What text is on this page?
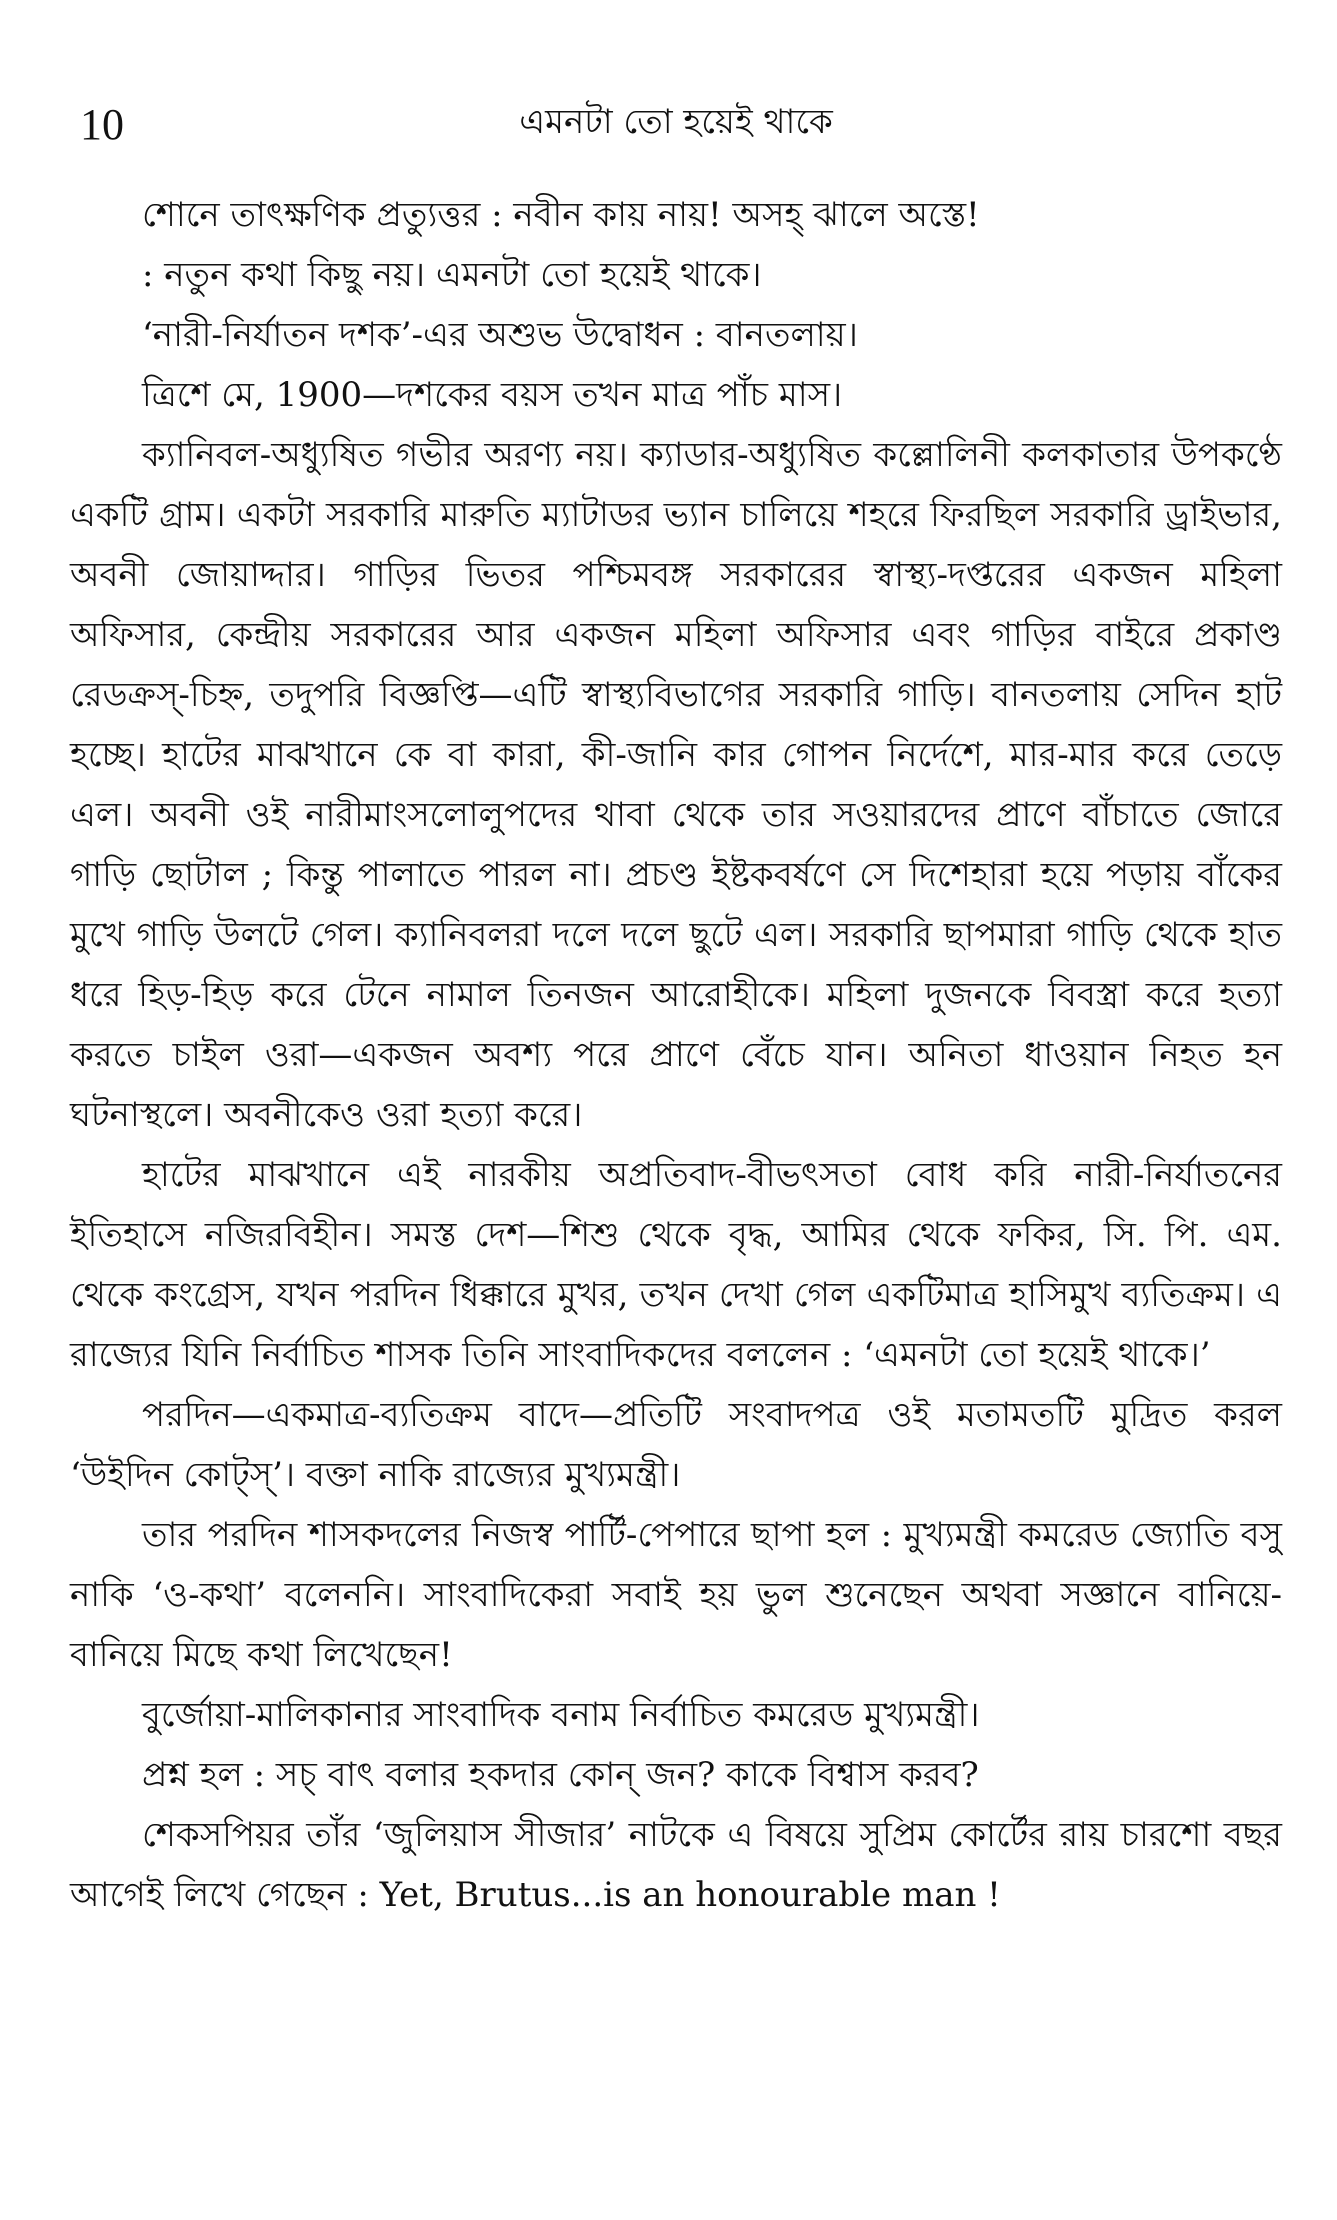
10	এমনটা তো হয়েই থাকে

শোনে তাৎক্ষণিক প্রত্যুত্তর : নবীন কায় নায়! অসহ্ ঝালে অস্তে!

: নতুন কথা কিছু নয়। এমনটা তো হয়েই থাকে।

‘নারী-নির্যাতন দশক’-এর অশুভ উদ্বোধন : বানতলায়।

ত্রিশে মে, 1900—দশকের বয়স তখন মাত্র পাঁচ মাস।

ক্যানিবল-অধ্যুষিত গভীর অরণ্য নয়। ক্যাডার-অধ্যুষিত কল্লোলিনী কলকাতার উপকণ্ঠে একটি গ্রাম। একটা সরকারি মারুতি ম্যাটাডর ভ্যান চালিয়ে শহরে ফিরছিল সরকারি ড্রাইভার, অবনী জোয়াদ্দার। গাড়ির ভিতর পশ্চিমবঙ্গ সরকারের স্বাস্থ্য-দপ্তরের একজন মহিলা অফিসার, কেন্দ্রীয় সরকারের আর একজন মহিলা অফিসার এবং গাড়ির বাইরে প্রকাণ্ড রেডক্রস্-চিহ্ন, তদুপরি বিজ্ঞপ্তি—এটি স্বাস্থ্যবিভাগের সরকারি গাড়ি। বানতলায় সেদিন হাট হচ্ছে। হাটের মাঝখানে কে বা কারা, কী-জানি কার গোপন নির্দেশে, মার-মার করে তেড়ে এল। অবনী ওই নারীমাংসলোলুপদের থাবা থেকে তার সওয়ারদের প্রাণে বাঁচাতে জোরে গাড়ি ছোটাল ; কিন্তু পালাতে পারল না। প্রচণ্ড ইষ্টকবর্ষণে সে দিশেহারা হয়ে পড়ায় বাঁকের মুখে গাড়ি উলটে গেল। ক্যানিবলরা দলে দলে ছুটে এল। সরকারি ছাপমারা গাড়ি থেকে হাত ধরে হিড়-হিড় করে টেনে নামাল তিনজন আরোহীকে। মহিলা দুজনকে বিবস্ত্রা করে হত্যা করতে চাইল ওরা—একজন অবশ্য পরে প্রাণে বেঁচে যান। অনিতা ধাওয়ান নিহত হন ঘটনাস্থলে। অবনীকেও ওরা হত্যা করে।

হাটের মাঝখানে এই নারকীয় অপ্রতিবাদ-বীভৎসতা বোধ করি নারী-নির্যাতনের ইতিহাসে নজিরবিহীন। সমস্ত দেশ—শিশু থেকে বৃদ্ধ, আমির থেকে ফকির, সি. পি. এম. থেকে কংগ্রেস, যখন পরদিন ধিক্কারে মুখর, তখন দেখা গেল একটিমাত্র হাসিমুখ ব্যতিক্রম। এ রাজ্যের যিনি নির্বাচিত শাসক তিনি সাংবাদিকদের বললেন : ‘এমনটা তো হয়েই থাকে।’

পরদিন—একমাত্র-ব্যতিক্রম বাদে—প্রতিটি সংবাদপত্র ওই মতামতটি মুদ্রিত করল ‘উইদিন কোট্স্’। বক্তা নাকি রাজ্যের মুখ্যমন্ত্রী।

তার পরদিন শাসকদলের নিজস্ব পার্টি-পেপারে ছাপা হল : মুখ্যমন্ত্রী কমরেড জ্যোতি বসু নাকি ‘ও-কথা’ বলেননি। সাংবাদিকেরা সবাই হয় ভুল শুনেছেন অথবা সজ্ঞানে বানিয়ে-বানিয়ে মিছে কথা লিখেছেন!

বুর্জোয়া-মালিকানার সাংবাদিক বনাম নির্বাচিত কমরেড মুখ্যমন্ত্রী।

প্রশ্ন হল : সচ্ বাৎ বলার হকদার কোন্ জন? কাকে বিশ্বাস করব?

শেকসপিয়র তাঁর ‘জুলিয়াস সীজার’ নাটকে এ বিষয়ে সুপ্রিম কোর্টের রায় চারশো বছর আগেই লিখে গেছেন : Yet, Brutus...is an honourable man !
